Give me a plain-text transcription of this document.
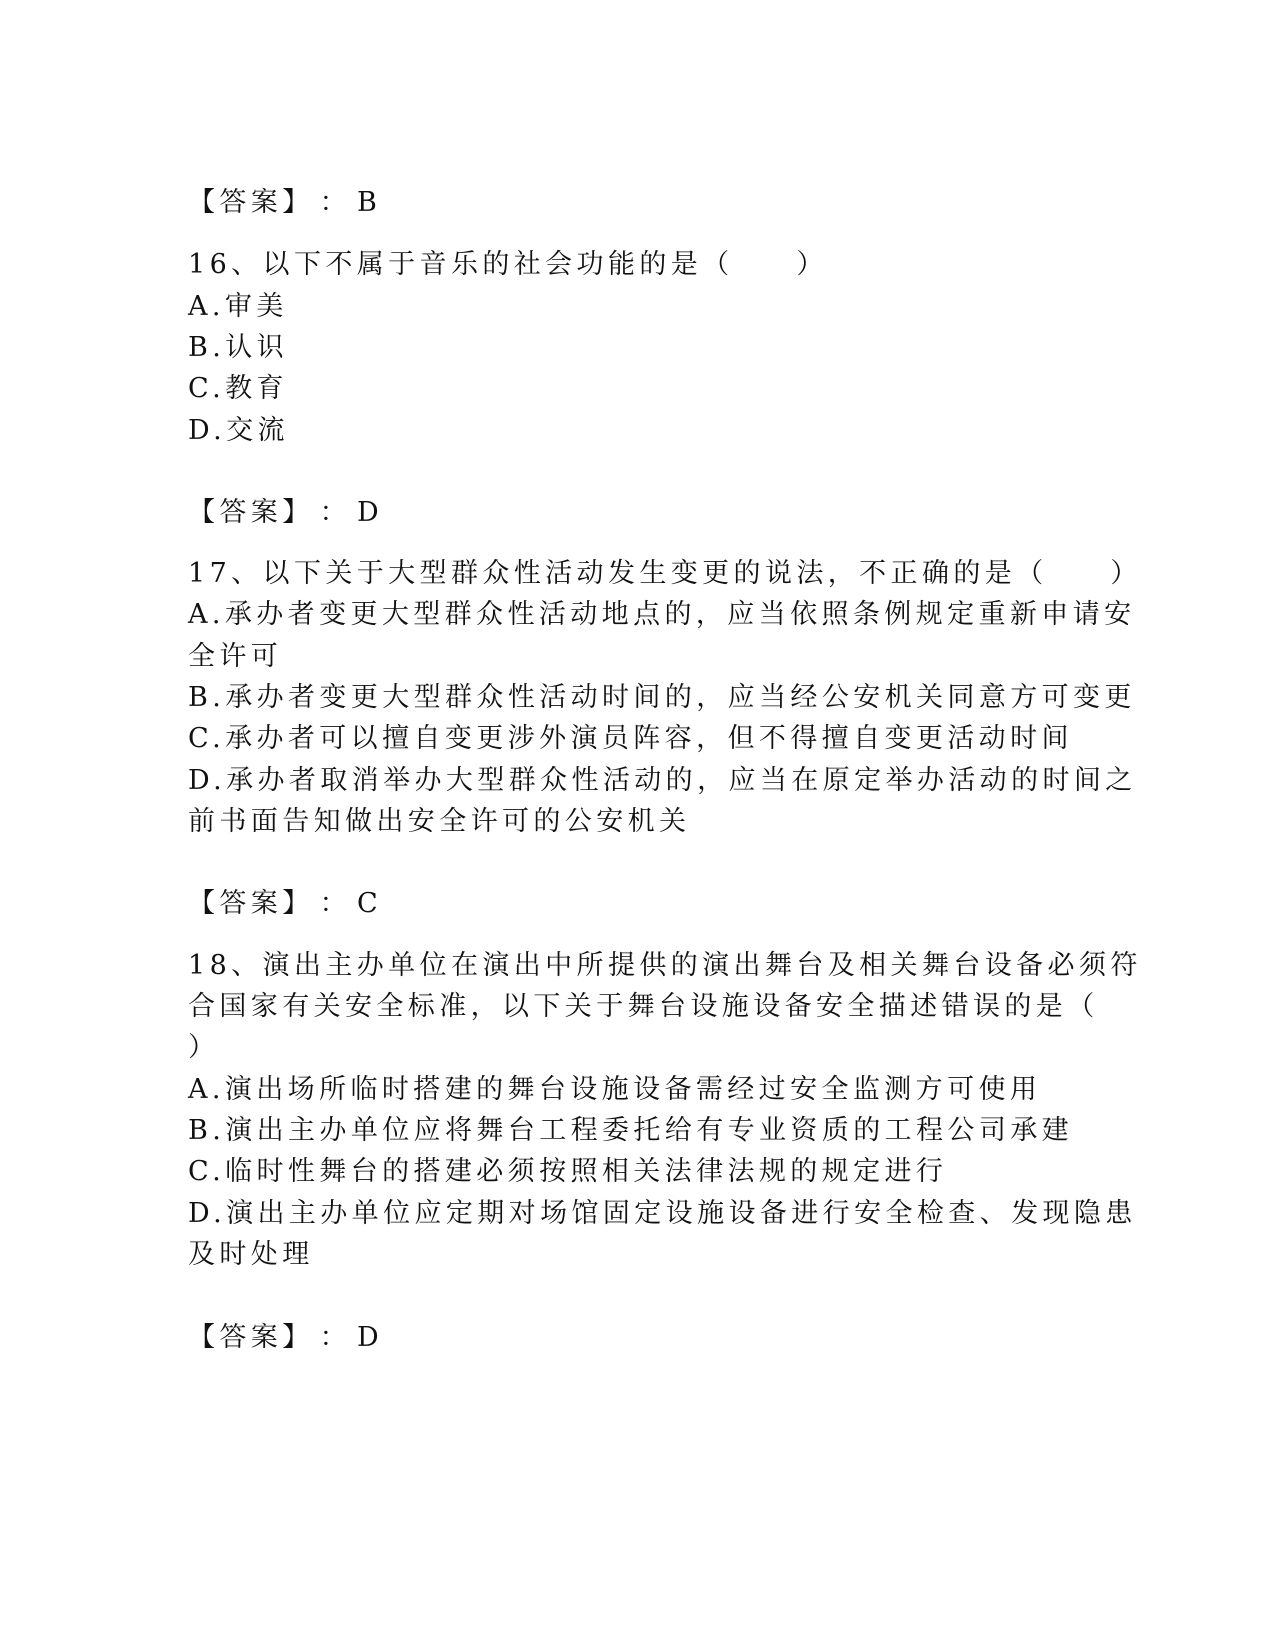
【答案】 ： B
16、以下不属于音乐的社会功能的是（　　）
A.审美
B.认识
C.教育
D.交流
【答案】 ： D
17、以下关于大型群众性活动发生变更的说法，不正确的是（　　）
A.承办者变更大型群众性活动地点的，应当依照条例规定重新申请安
全许可
B.承办者变更大型群众性活动时间的，应当经公安机关同意方可变更
C.承办者可以擅自变更涉外演员阵容，但不得擅自变更活动时间
D.承办者取消举办大型群众性活动的，应当在原定举办活动的时间之
前书面告知做出安全许可的公安机关
【答案】 ： C
18、演出主办单位在演出中所提供的演出舞台及相关舞台设备必须符
合国家有关安全标准，以下关于舞台设施设备安全描述错误的是（
）
A.演出场所临时搭建的舞台设施设备需经过安全监测方可使用
B.演出主办单位应将舞台工程委托给有专业资质的工程公司承建
C.临时性舞台的搭建必须按照相关法律法规的规定进行
D.演出主办单位应定期对场馆固定设施设备进行安全检查、发现隐患
及时处理
【答案】 ： D
